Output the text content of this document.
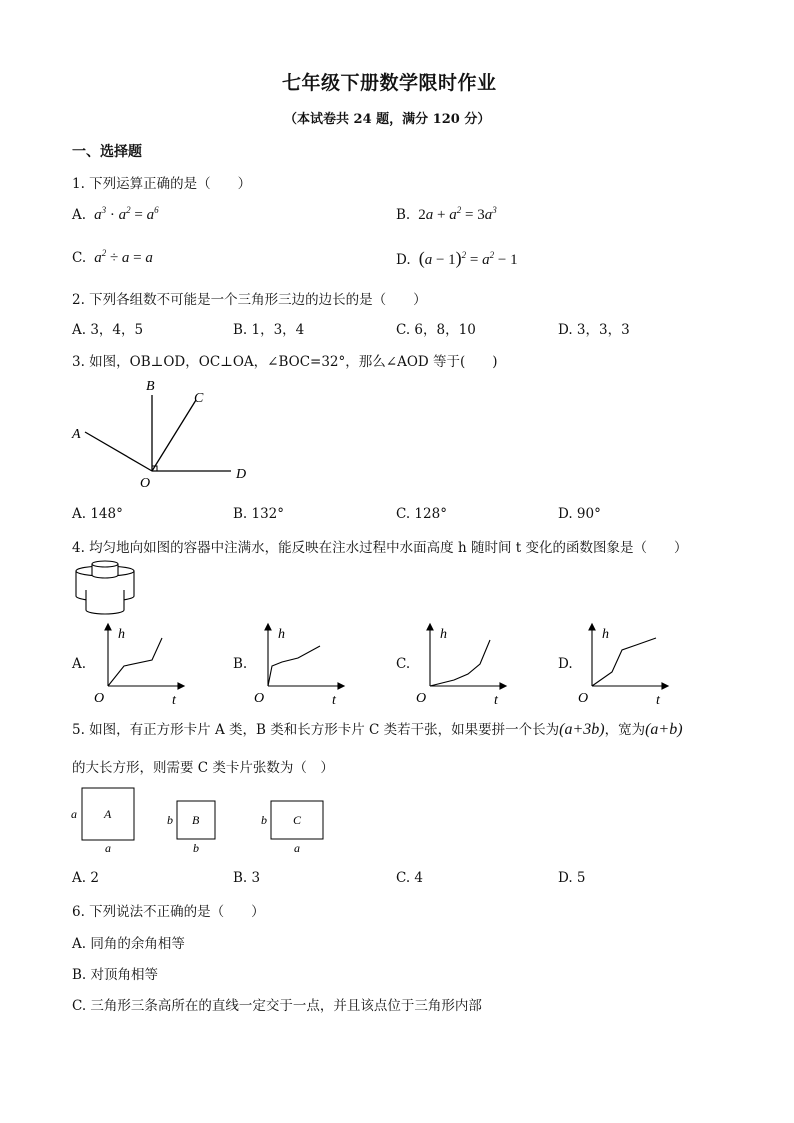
七年级下册数学限时作业
（本试卷共 24 题，满分 120 分）
一、选择题
1. 下列运算正确的是（　　）
A.  $a^3 \cdot a^2 = a^6$	B. $2a + a^2 = 3a^3$
C.  $a^2 \div a = a$	D. $(a - 1)^2 = a^2 - 1$
2. 下列各组数不可能是一个三角形三边的边长的是（　　）
A. 3，4，5	B. 1，3，4	C. 6，8，10	D. 3，3，3
3. 如图，OB⊥OD，OC⊥OA，∠BOC=32°，那么∠AOD 等于(　　)
A
B
C
D
O
A. 148°	B. 132°	C. 128°	D. 90°
4. 均匀地向如图的容器中注满水，能反映在注水过程中水面高度 h 随时间 t 变化的函数图象是（　　）
A.	B.	C.	D.
h
t
O
h
t
O
h
t
O
h
t
O
5. 如图，有正方形卡片 A 类，B 类和长方形卡片 C 类若干张，如果要拼一个长为(a+3b)，宽为(a+b)
的大长方形，则需要 C 类卡片张数为（　）
a A
a
b B
b
b C
a
A. 2	B. 3	C. 4	D. 5
6. 下列说法不正确的是（　　）
A. 同角的余角相等
B. 对顶角相等
C. 三角形三条高所在的直线一定交于一点，并且该点位于三角形内部
